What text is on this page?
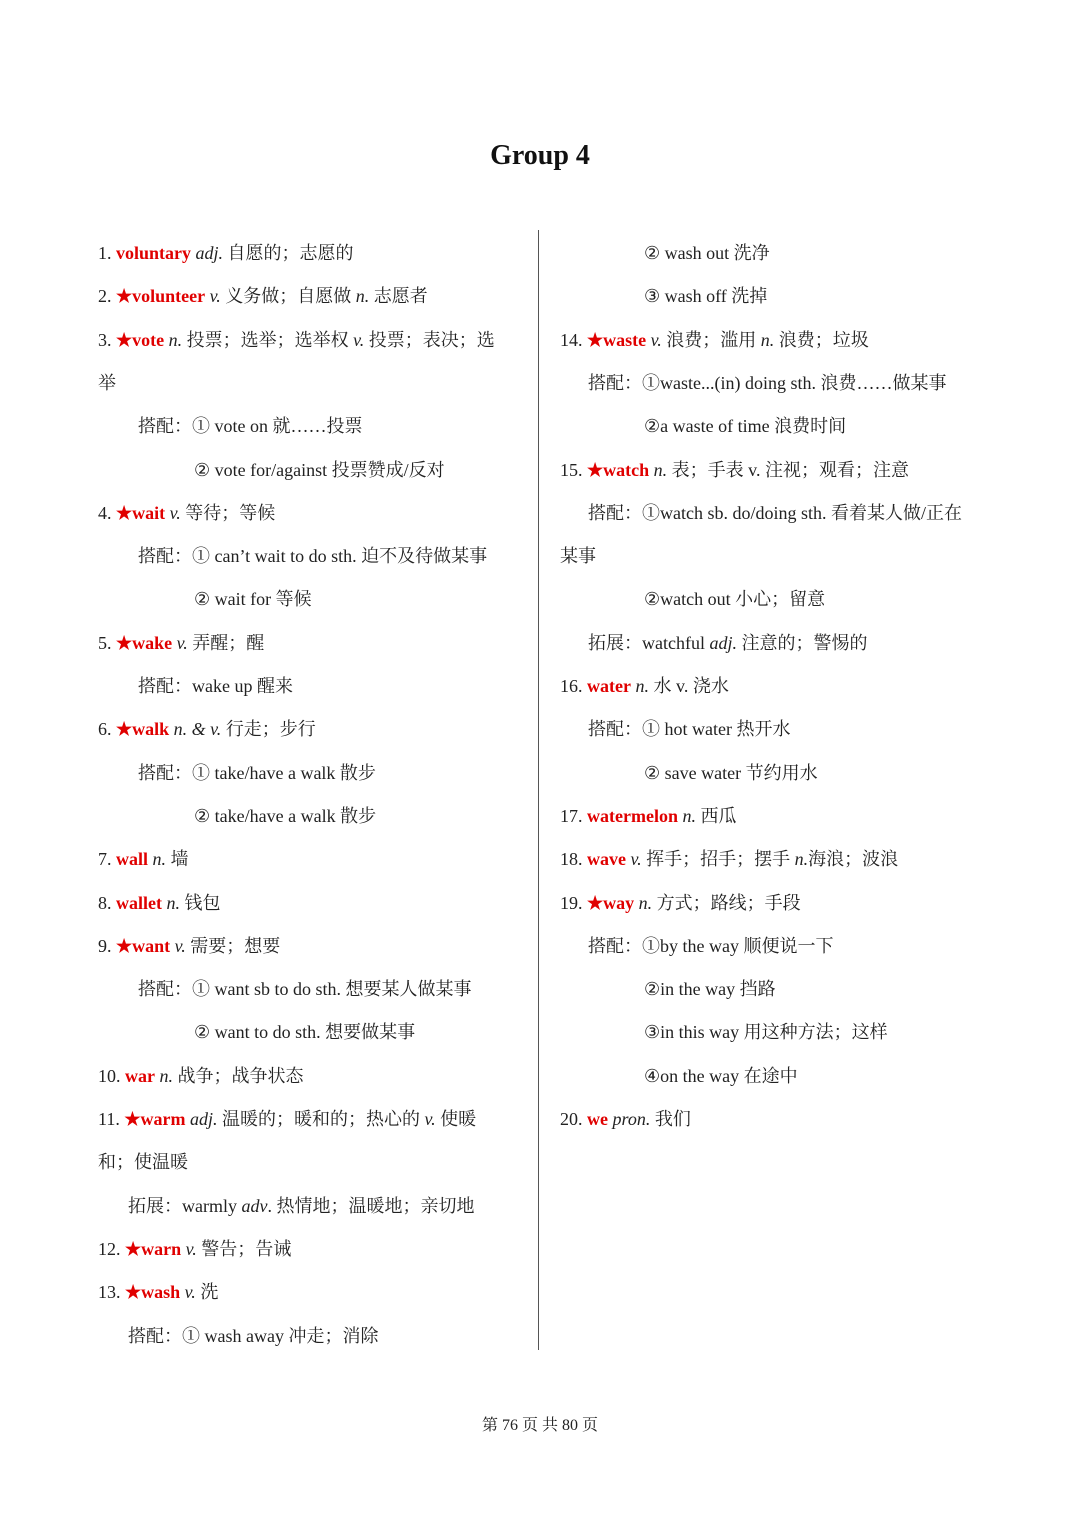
Group 4
1. voluntary adj. 自愿的；志愿的
2. ★volunteer v. 义务做；自愿做 n. 志愿者
3. ★vote n. 投票；选举；选举权 v. 投票；表决；选
举
搭配：① vote on 就……投票
② vote for/against 投票赞成/反对
4. ★wait v. 等待；等候
搭配：① can’t wait to do sth. 迫不及待做某事
② wait for 等候
5. ★wake v. 弄醒；醒
搭配：wake up 醒来
6. ★walk n. & v. 行走；步行
搭配：① take/have a walk 散步
② take/have a walk 散步
7. wall n. 墙
8. wallet n. 钱包
9. ★want v. 需要；想要
搭配：① want sb to do sth. 想要某人做某事
② want to do sth. 想要做某事
10. war n. 战争；战争状态
11. ★warm adj. 温暖的；暖和的；热心的 v. 使暖
和；使温暖
拓展：warmly adv. 热情地；温暖地；亲切地
12. ★warn v. 警告；告诫
13. ★wash v. 洗
搭配：① wash away 冲走；消除
② wash out 洗净
③ wash off 洗掉
14. ★waste v. 浪费；滥用 n. 浪费；垃圾
搭配：①waste...(in) doing sth. 浪费……做某事
②a waste of time 浪费时间
15. ★watch n. 表；手表 v. 注视；观看；注意
搭配：①watch sb. do/doing sth. 看着某人做/正在
某事
②watch out 小心；留意
拓展：watchful adj. 注意的；警惕的
16. water n. 水 v. 浇水
搭配：① hot water 热开水
② save water 节约用水
17. watermelon n. 西瓜
18. wave v. 挥手；招手；摆手 n.海浪；波浪
19. ★way n. 方式；路线；手段
搭配：①by the way 顺便说一下
②in the way 挡路
③in this way 用这种方法；这样
④on the way 在途中
20. we pron. 我们
第 76 页 共 80 页
